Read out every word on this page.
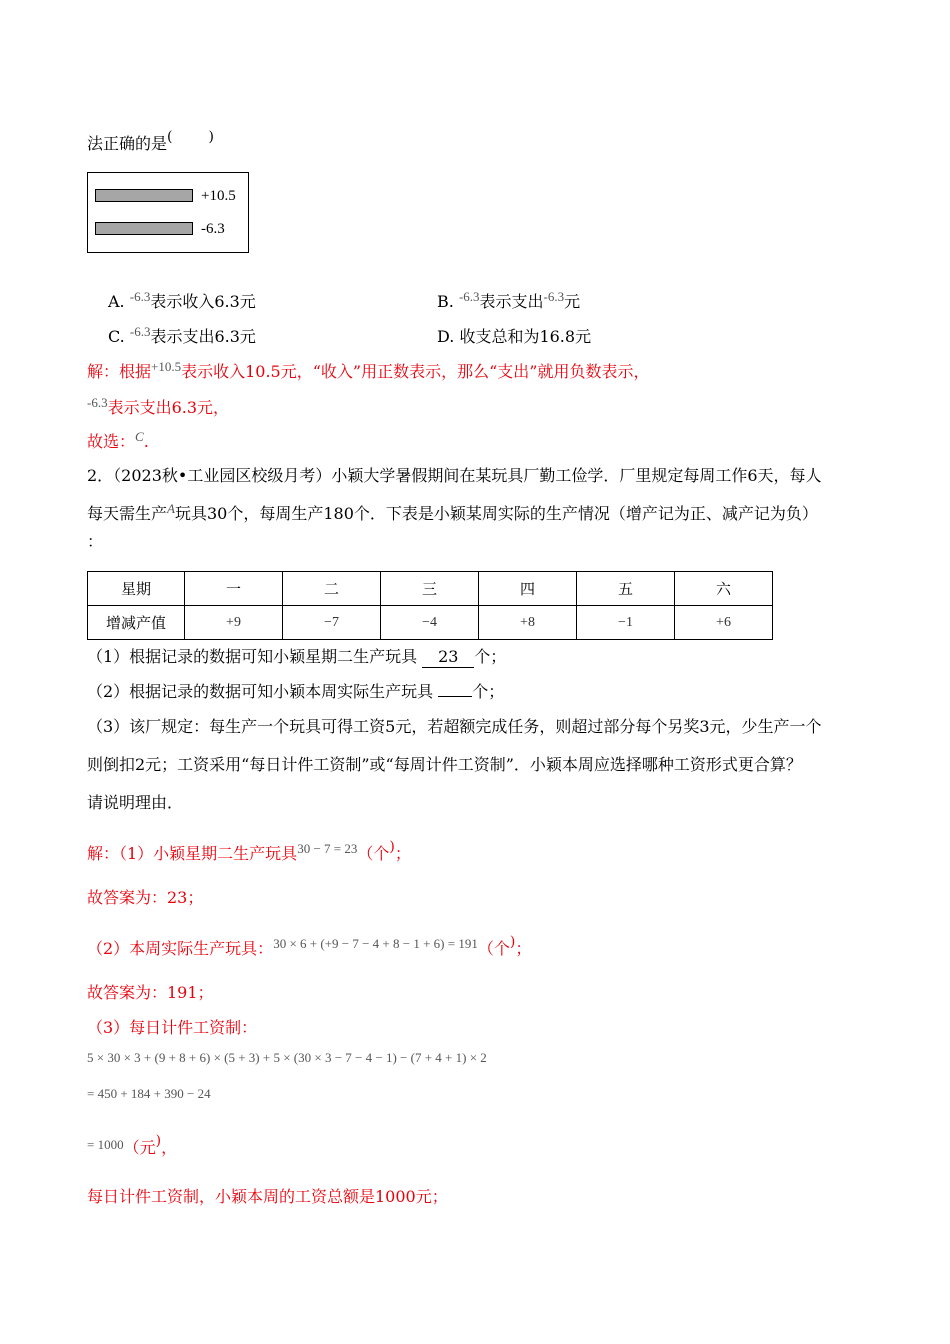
法正确的是(	)
+10.5
-6.3
A. $^{-6.3}$表示收入6.3元	B. $^{-6.3}$表示支出$^{-6.3}$元
C. $^{-6.3}$表示支出6.3元	D. 收支总和为16.8元
解：根据$^{+10.5}$表示收入10.5元，“收入”用正数表示，那么“支出”就用负数表示，
$^{-6.3}$表示支出6.3元，
故选：$^C$.
2．（2023秋•工业园区校级月考）小颖大学暑假期间在某玩具厂勤工俭学．厂里规定每周工作6天，每人
每天需生产$^A$玩具30个，每周生产180个．下表是小颖某周实际的生产情况（增产记为正、减产记为负）
：
星期	一	二	三	四	五	六
增减产值	+9	−7	−4	+8	−1	+6
（1）根据记录的数据可知小颖星期二生产玩具 23 个；
（2）根据记录的数据可知小颖本周实际生产玩具 个；
（3）该厂规定：每生产一个玩具可得工资5元，若超额完成任务，则超过部分每个另奖3元，少生产一个
则倒扣2元；工资采用“每日计件工资制”或“每周计件工资制”．小颖本周应选择哪种工资形式更合算？
请说明理由．
解：（1）小颖星期二生产玩具$^{30 - 7 = 23}$（个)；
故答案为：23；
（2）本周实际生产玩具：$^{30 \times 6 + (+9 - 7 - 4 + 8 - 1 + 6) = 191}$（个)；
故答案为：191；
（3）每日计件工资制：
5 × 30 × 3 + (9 + 8 + 6) × (5 + 3) + 5 × (30 × 3 − 7 − 4 − 1) − (7 + 4 + 1) × 2
= 450 + 184 + 390 − 24
$^{= 1000}$（元)，
每日计件工资制，小颖本周的工资总额是1000元；
